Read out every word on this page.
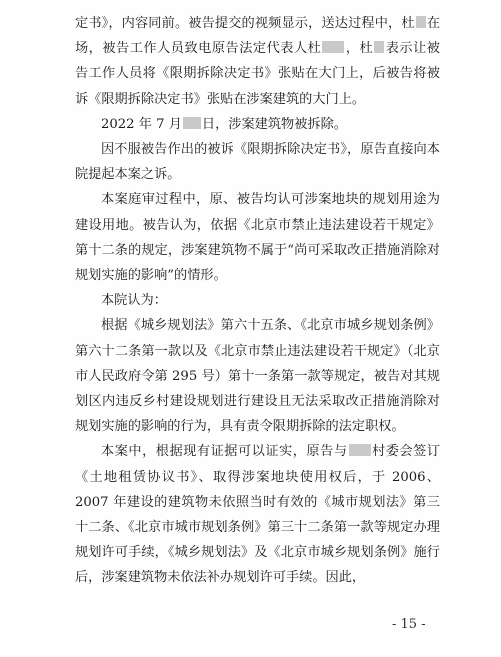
定书》，内容同前。被告提交的视频显示，送达过程中，杜 在场，被告工作人员致电原告法定代表人杜 ，杜 表示让被告工作人员将《限期拆除决定书》张贴在大门上，后被告将被诉《限期拆除决定书》张贴在涉案建筑的大门上。

2022 年 7 月 日，涉案建筑物被拆除。

因不服被告作出的被诉《限期拆除决定书》，原告直接向本院提起本案之诉。

本案庭审过程中，原、被告均认可涉案地块的规划用途为建设用地。被告认为，依据《北京市禁止违法建设若干规定》第十二条的规定，涉案建筑物不属于“尚可采取改正措施消除对规划实施的影响”的情形。

本院认为：

根据《城乡规划法》第六十五条、《北京市城乡规划条例》第六十二条第一款以及《北京市禁止违法建设若干规定》（北京市人民政府令第 295 号）第十一条第一款等规定，被告对其规划区内违反乡村建设规划进行建设且无法采取改正措施消除对规划实施的影响的行为，具有责令限期拆除的法定职权。

本案中，根据现有证据可以证实，原告与 村委会签订《土地租赁协议书》、取得涉案地块使用权后，于 2006、2007 年建设的建筑物未依照当时有效的《城市规划法》第三十二条、《北京市城市规划条例》第三十二条第一款等规定办理规划许可手续，《城乡规划法》及《北京市城乡规划条例》施行后，涉案建筑物未依法补办规划许可手续。因此，

- 15 -
